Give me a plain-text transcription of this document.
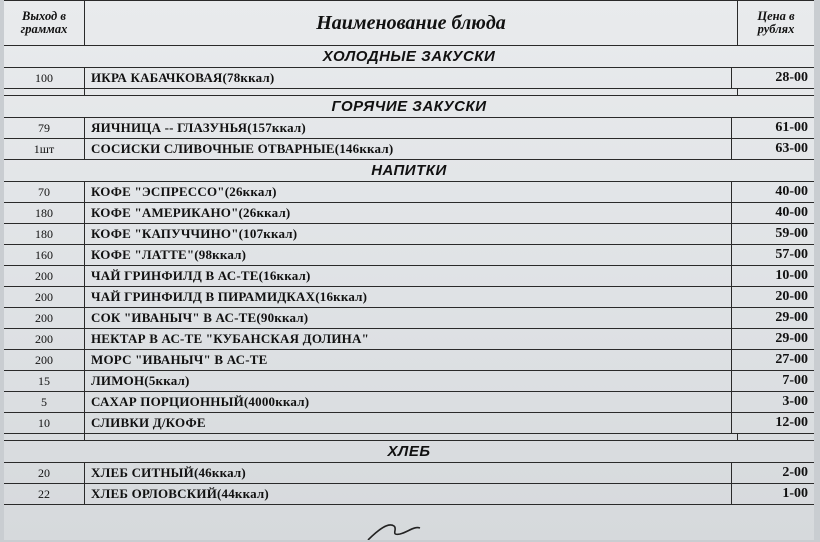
Выход в
граммах	Наименование блюда	Цена в
рублях
ХОЛОДНЫЕ ЗАКУСКИ
100	ИКРА КАБАЧКОВАЯ(78ккал)	28-00
ГОРЯЧИЕ ЗАКУСКИ
79	ЯИЧНИЦА -- ГЛАЗУНЬЯ(157ккал)	61-00
1шт	СОСИСКИ СЛИВОЧНЫЕ ОТВАРНЫЕ(146ккал)	63-00
НАПИТКИ
70	КОФЕ "ЭСПРЕССО"(26ккал)	40-00
180	КОФЕ "АМЕРИКАНО"(26ккал)	40-00
180	КОФЕ "КАПУЧЧИНО"(107ккал)	59-00
160	КОФЕ "ЛАТТЕ"(98ккал)	57-00
200	ЧАЙ ГРИНФИЛД В АС-ТЕ(16ккал)	10-00
200	ЧАЙ ГРИНФИЛД В ПИРАМИДКАХ(16ккал)	20-00
200	СОК "ИВАНЫЧ" В АС-ТЕ(90ккал)	29-00
200	НЕКТАР В АС-ТЕ "КУБАНСКАЯ ДОЛИНА"	29-00
200	МОРС "ИВАНЫЧ" В АС-ТЕ	27-00
15	ЛИМОН(5ккал)	7-00
5	САХАР ПОРЦИОННЫЙ(4000ккал)	3-00
10	СЛИВКИ Д/КОФЕ	12-00
ХЛЕБ
20	ХЛЕБ СИТНЫЙ(46ккал)	2-00
22	ХЛЕБ ОРЛОВСКИЙ(44ккал)	1-00
